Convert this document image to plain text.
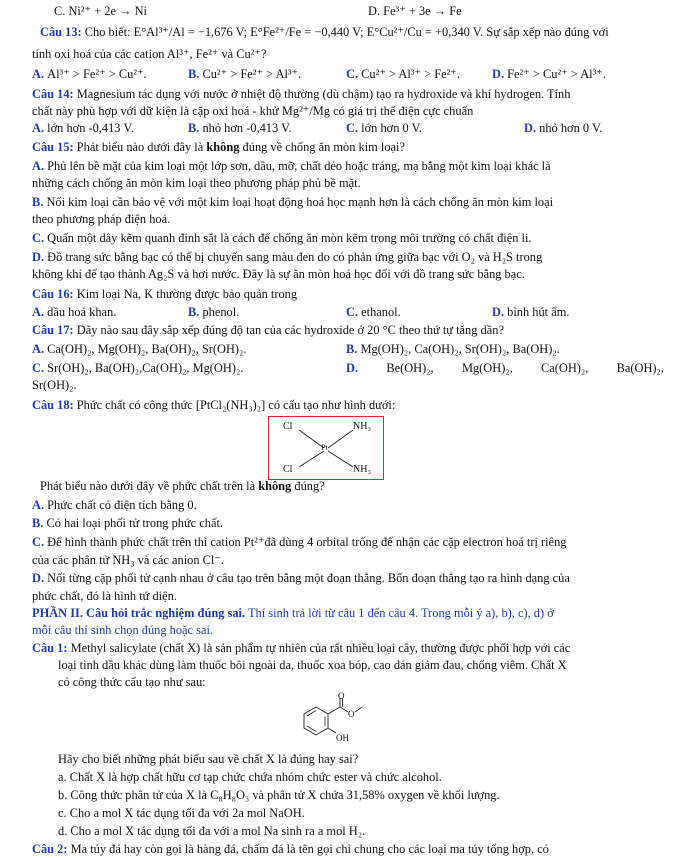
C. Ni²⁺ + 2e → Ni	D. Fe³⁺ + 3e → Fe
Câu 13: Cho biết: E°Al³⁺/Al = −1,676 V; E°Fe²⁺/Fe = −0,440 V; E°Cu²⁺/Cu = +0,340 V. Sự sắp xếp nào đúng với
tính oxi hoá của các cation Al³⁺, Fe²⁺ và Cu²⁺?
A. Al³⁺ > Fe²⁺ > Cu²⁺.	B. Cu²⁺ > Fe²⁺ > Al³⁺.	C. Cu²⁺ > Al³⁺ > Fe²⁺.	D. Fe²⁺ > Cu²⁺ > Al³⁺.
Câu 14: Magnesium tác dụng với nước ở nhiệt độ thường (dù chậm) tạo ra hydroxide và khí hydrogen. Tính
chất này phù hợp với dữ kiện là cặp oxi hoá - khử Mg²⁺/Mg có giá trị thế điện cực chuẩn
A. lớn hơn -0,413 V.	B. nhỏ hơn -0,413 V.	C. lớn hơn 0 V.	D. nhỏ hơn 0 V.
Câu 15: Phát biểu nào dưới đây là không đúng về chống ăn mòn kim loại?
A. Phủ lên bề mặt của kim loại một lớp sơn, dầu, mỡ, chất dẻo hoặc tráng, mạ bằng một kim loại khác là
những cách chống ăn mòn kim loại theo phương pháp phủ bề mặt.
B. Nối kim loại cần bảo vệ với một kim loại hoạt động hoá học mạnh hơn là cách chống ăn mòn kim loại
theo phương pháp điện hoá.
C. Quấn một dây kẽm quanh đinh sắt là cách để chống ăn mòn kẽm trong môi trường có chất điện li.
D. Đồ trang sức bằng bạc có thể bị chuyển sang màu đen do có phản ứng giữa bạc với O₂ và H₂S trong
không khí để tạo thành Ag₂S và hơi nước. Đây là sự ăn mòn hoá học đối với đồ trang sức bằng bạc.
Câu 16: Kim loại Na, K thường được bảo quản trong
A. dầu hoả khan.	B. phenol.	C. ethanol.	D. bình hút ẩm.
Câu 17: Dãy nào sau đây sắp xếp đúng độ tan của các hydroxide ở 20 °C theo thứ tự tăng dần?
A. Ca(OH)₂, Mg(OH)₂, Ba(OH)₂, Sr(OH)₂.	B. Mg(OH)₂, Ca(OH)₂, Sr(OH)₂, Ba(OH)₂.
C. Sr(OH)₂, Ba(OH)₂,Ca(OH)₂, Mg(OH)₂.	D. Be(OH)₂, Mg(OH)₂, Ca(OH)₂, Ba(OH)₂,
Sr(OH)₂.
Câu 18: Phức chất có công thức [PtCl₂(NH₃)₂] có cấu tạo như hình dưới:
Cl	NH₃
Pt
Cl	NH₃
Phát biểu nào dưới đây về phức chất trên là không đúng?
A. Phức chất có điện tích bằng 0.
B. Có hai loại phối tử trong phức chất.
C. Để hình thành phức chất trên thì cation Pt²⁺đã dùng 4 orbital trống để nhận các cặp electron hoá trị riêng
của các phân tử NH₃ và các anion Cl⁻.
D. Nối từng cặp phối tử cạnh nhau ở câu tạo trên bằng một đoạn thẳng. Bốn đoạn thẳng tạo ra hình dạng của
phức chất, đó là hình tứ diện.
PHẦN II. Câu hỏi trắc nghiệm đúng sai. Thí sinh trả lời từ câu 1 đến câu 4. Trong mỗi ý a), b), c), d) ở
mỗi câu thí sinh chọn đúng hoặc sai.
Câu 1: Methyl salicylate (chất X) là sản phẩm tự nhiên của rất nhiều loại cây, thường được phối hợp với các
loại tinh dầu khác dùng làm thuốc bôi ngoài da, thuốc xoa bóp, cao dán giảm đau, chống viêm. Chất X
có công thức cấu tạo như sau:
O
O
OH
Hãy cho biết những phát biểu sau về chất X là đúng hay sai?
a. Chất X là hợp chất hữu cơ tạp chức chứa nhóm chức ester và chức alcohol.
b. Công thức phân tử của X là C₈H₈O₃ và phân tử X chứa 31,58% oxygen về khối lượng.
c. Cho a mol X tác dụng tối đa với 2a mol NaOH.
d. Cho a mol X tác dụng tối đa với a mol Na sinh ra a mol H₂.
Câu 2: Ma túy đá hay còn gọi là hàng đá, chấm đá là tên gọi chỉ chung cho các loại ma túy tổng hợp, có
